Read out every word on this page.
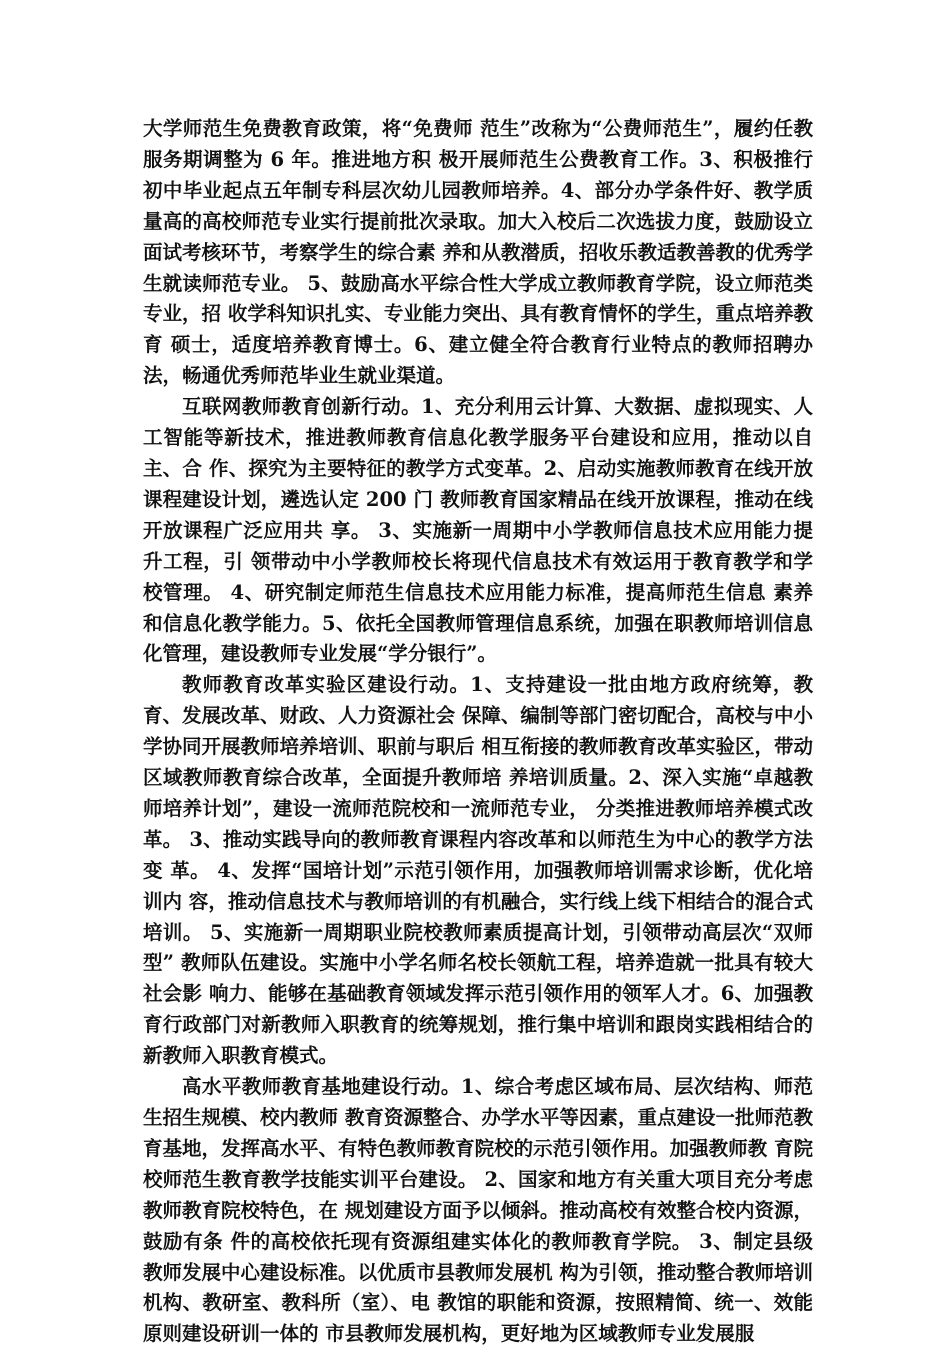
大学师范生免费教育政策，将“免费师 范生”改称为“公费师范生”，履约任教服务期调整为 6 年。推进地方积 极开展师范生公费教育工作。3、积极推行初中毕业起点五年制专科层次幼儿园教师培养。4、部分办学条件好、教学质量高的高校师范专业实行提前批次录取。加大入校后二次选拔力度，鼓励设立面试考核环节，考察学生的综合素 养和从教潜质，招收乐教适教善教的优秀学生就读师范专业。 5、鼓励高水平综合性大学成立教师教育学院，设立师范类专业，招 收学科知识扎实、专业能力突出、具有教育情怀的学生，重点培养教育 硕士，适度培养教育博士。6、建立健全符合教育行业特点的教师招聘办法，畅通优秀师范毕业生就业渠道。

互联网教师教育创新行动。1、充分利用云计算、大数据、虚拟现实、人工智能等新技术，推进教师教育信息化教学服务平台建设和应用，推动以自主、合 作、探究为主要特征的教学方式变革。2、启动实施教师教育在线开放课程建设计划，遴选认定 200 门 教师教育国家精品在线开放课程，推动在线开放课程广泛应用共 享。 3、实施新一周期中小学教师信息技术应用能力提升工程，引 领带动中小学教师校长将现代信息技术有效运用于教育教学和学 校管理。 4、研究制定师范生信息技术应用能力标准，提高师范生信息 素养和信息化教学能力。5、依托全国教师管理信息系统，加强在职教师培训信息化管理，建设教师专业发展“学分银行”。

教师教育改革实验区建设行动。1、支持建设一批由地方政府统筹，教育、发展改革、财政、人力资源社会 保障、编制等部门密切配合，高校与中小学协同开展教师培养培训、职前与职后 相互衔接的教师教育改革实验区，带动区域教师教育综合改革，全面提升教师培 养培训质量。2、深入实施“卓越教师培养计划”，建设一流师范院校和一流师范专业， 分类推进教师培养模式改革。 3、推动实践导向的教师教育课程内容改革和以师范生为中心的教学方法变 革。 4、发挥“国培计划”示范引领作用，加强教师培训需求诊断，优化培训内 容，推动信息技术与教师培训的有机融合，实行线上线下相结合的混合式培训。 5、实施新一周期职业院校教师素质提高计划，引领带动高层次“双师型” 教师队伍建设。实施中小学名师名校长领航工程，培养造就一批具有较大社会影 响力、能够在基础教育领域发挥示范引领作用的领军人才。6、加强教育行政部门对新教师入职教育的统筹规划，推行集中培训和跟岗实践相结合的新教师入职教育模式。

高水平教师教育基地建设行动。1、综合考虑区域布局、层次结构、师范生招生规模、校内教师 教育资源整合、办学水平等因素，重点建设一批师范教育基地，发挥高水平、有特色教师教育院校的示范引领作用。加强教师教 育院校师范生教育教学技能实训平台建设。 2、国家和地方有关重大项目充分考虑教师教育院校特色，在 规划建设方面予以倾斜。推动高校有效整合校内资源，鼓励有条 件的高校依托现有资源组建实体化的教师教育学院。 3、制定县级教师发展中心建设标准。以优质市县教师发展机 构为引领，推动整合教师培训机构、教研室、教科所（室）、电 教馆的职能和资源，按照精简、统一、效能原则建设研训一体的 市县教师发展机构，更好地为区域教师专业发展服
